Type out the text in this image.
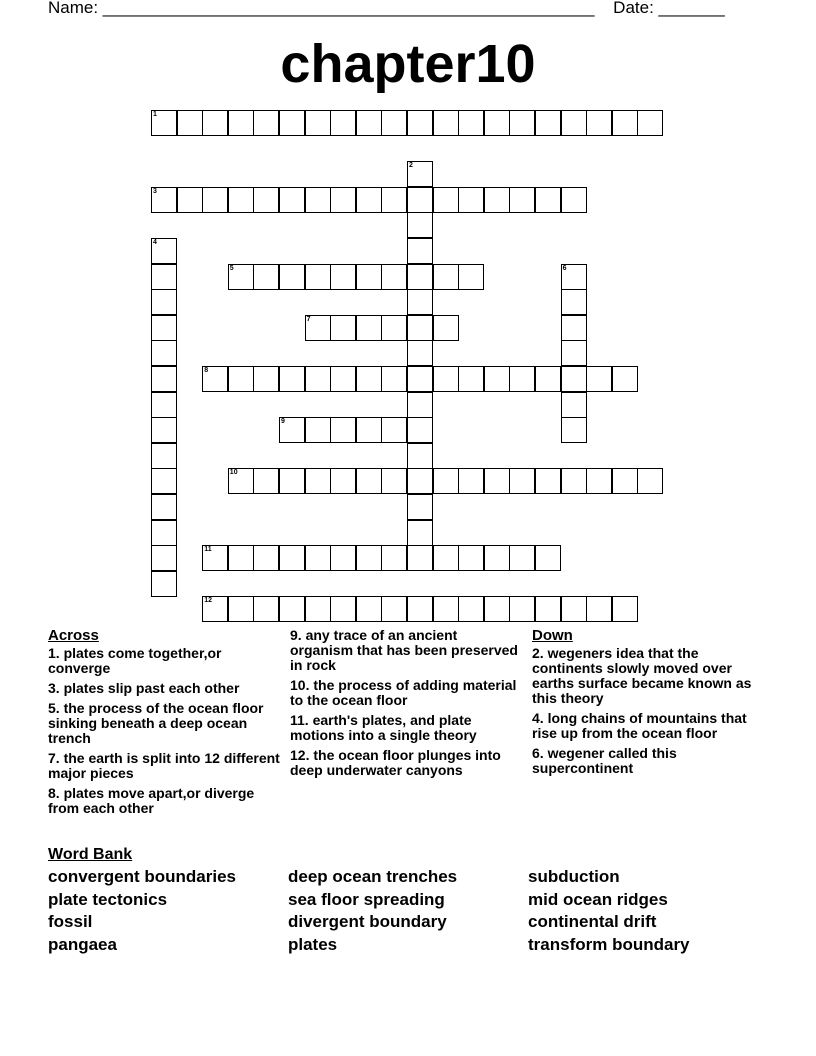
Name: ____________________________________________________ Date: _______
chapter10
1
2
3
4
5	6
7
8
9
10
11
12
Across
1. plates come together,or converge
3. plates slip past each other
5. the process of the ocean floor sinking beneath a deep ocean trench
7. the earth is split into 12 different major pieces
8. plates move apart,or diverge from each other
9. any trace of an ancient organism that has been preserved in rock
10. the process of adding material to the ocean floor
11. earth's plates, and plate motions into a single theory
12. the ocean floor plunges into deep underwater canyons
Down
2. wegeners idea that the continents slowly moved over earths surface became known as this theory
4. long chains of mountains that rise up from the ocean floor
6. wegener called this supercontinent
Word Bank
convergent boundaries	deep ocean trenches	subduction
plate tectonics	sea floor spreading	mid ocean ridges
fossil	divergent boundary	continental drift
pangaea	plates	transform boundary
